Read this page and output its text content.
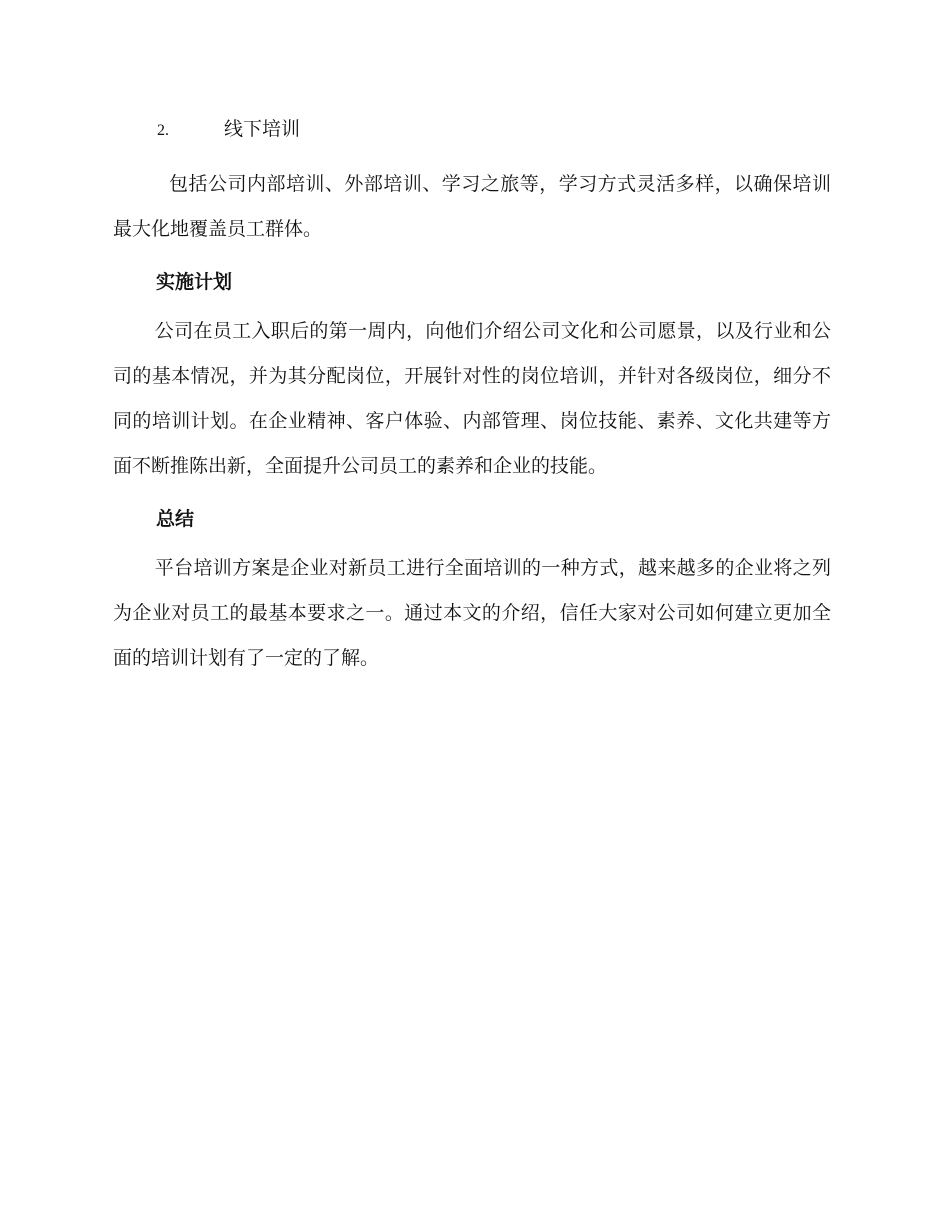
2.	线下培训

包括公司内部培训、外部培训、学习之旅等，学习方式灵活多样，以确保培训最大化地覆盖员工群体。

实施计划

公司在员工入职后的第一周内，向他们介绍公司文化和公司愿景，以及行业和公司的基本情况，并为其分配岗位，开展针对性的岗位培训，并针对各级岗位，细分不同的培训计划。在企业精神、客户体验、内部管理、岗位技能、素养、文化共建等方面不断推陈出新，全面提升公司员工的素养和企业的技能。

总结

平台培训方案是企业对新员工进行全面培训的一种方式，越来越多的企业将之列为企业对员工的最基本要求之一。通过本文的介绍，信任大家对公司如何建立更加全面的培训计划有了一定的了解。
